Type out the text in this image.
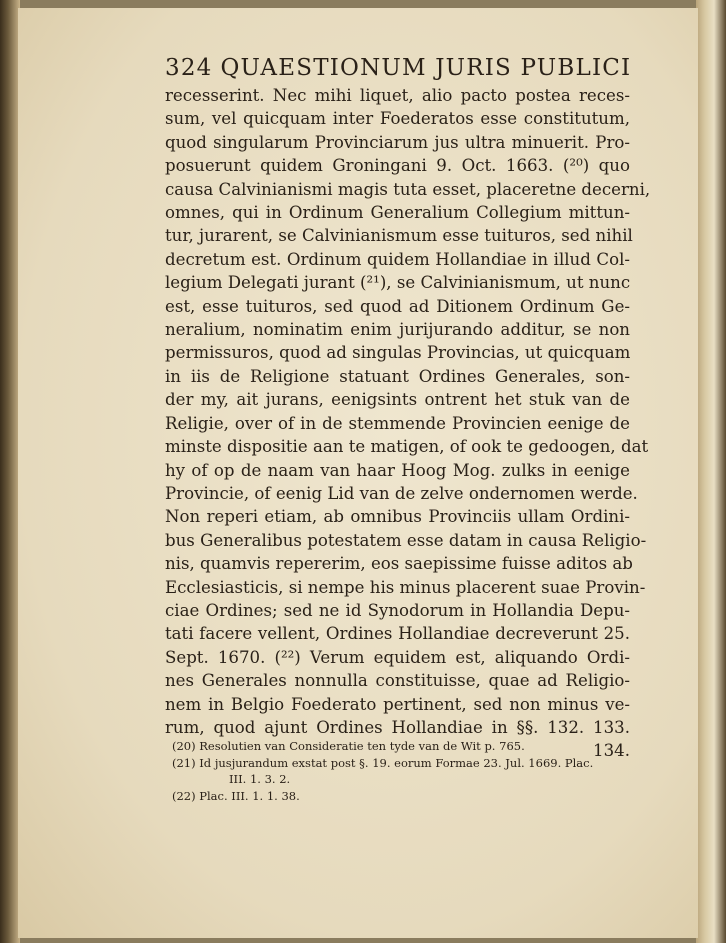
324 QUAESTIONUM JURIS PUBLICI
recesserint. Nec mihi liquet, alio pacto postea reces-
sum, vel quicquam inter Foederatos esse constitutum,
quod singularum Provinciarum jus ultra minuerit. Pro-
posuerunt quidem Groningani 9. Oct. 1663. (²⁰) quo
causa Calvinianismi magis tuta esset, placeretne decerni,
omnes, qui in Ordinum Generalium Collegium mittun-
tur, jurarent, se Calvinianismum esse tuituros, sed nihil
decretum est. Ordinum quidem Hollandiae in illud Col-
legium Delegati jurant (²¹), se Calvinianismum, ut nunc
est, esse tuituros, sed quod ad Ditionem Ordinum Ge-
neralium, nominatim enim jurijurando additur, se non
permissuros, quod ad singulas Provincias, ut quicquam
in iis de Religione statuant Ordines Generales, son-
der my, ait jurans, eenigsints ontrent het stuk van de
Religie, over of in de stemmende Provincien eenige de
minste dispositie aan te matigen, of ook te gedoogen, dat
hy of op de naam van haar Hoog Mog. zulks in eenige
Provincie, of eenig Lid van de zelve ondernomen werde.
Non reperi etiam, ab omnibus Provinciis ullam Ordini-
bus Generalibus potestatem esse datam in causa Religio-
nis, quamvis repererim, eos saepissime fuisse aditos ab
Ecclesiasticis, si nempe his minus placerent suae Provin-
ciae Ordines; sed ne id Synodorum in Hollandia Depu-
tati facere vellent, Ordines Hollandiae decreverunt 25.
Sept. 1670. (²²) Verum equidem est, aliquando Ordi-
nes Generales nonnulla constituisse, quae ad Religio-
nem in Belgio Foederato pertinent, sed non minus ve-
rum, quod ajunt Ordines Hollandiae in §§. 132. 133.
134.
(20) Resolutien van Consideratie ten tyde van de Wit p. 765.
(21) Id jusjurandum exstat post §. 19. eorum Formae 23. Jul. 1669. Plac.
III. 1. 3. 2.
(22) Plac. III. 1. 1. 38.
